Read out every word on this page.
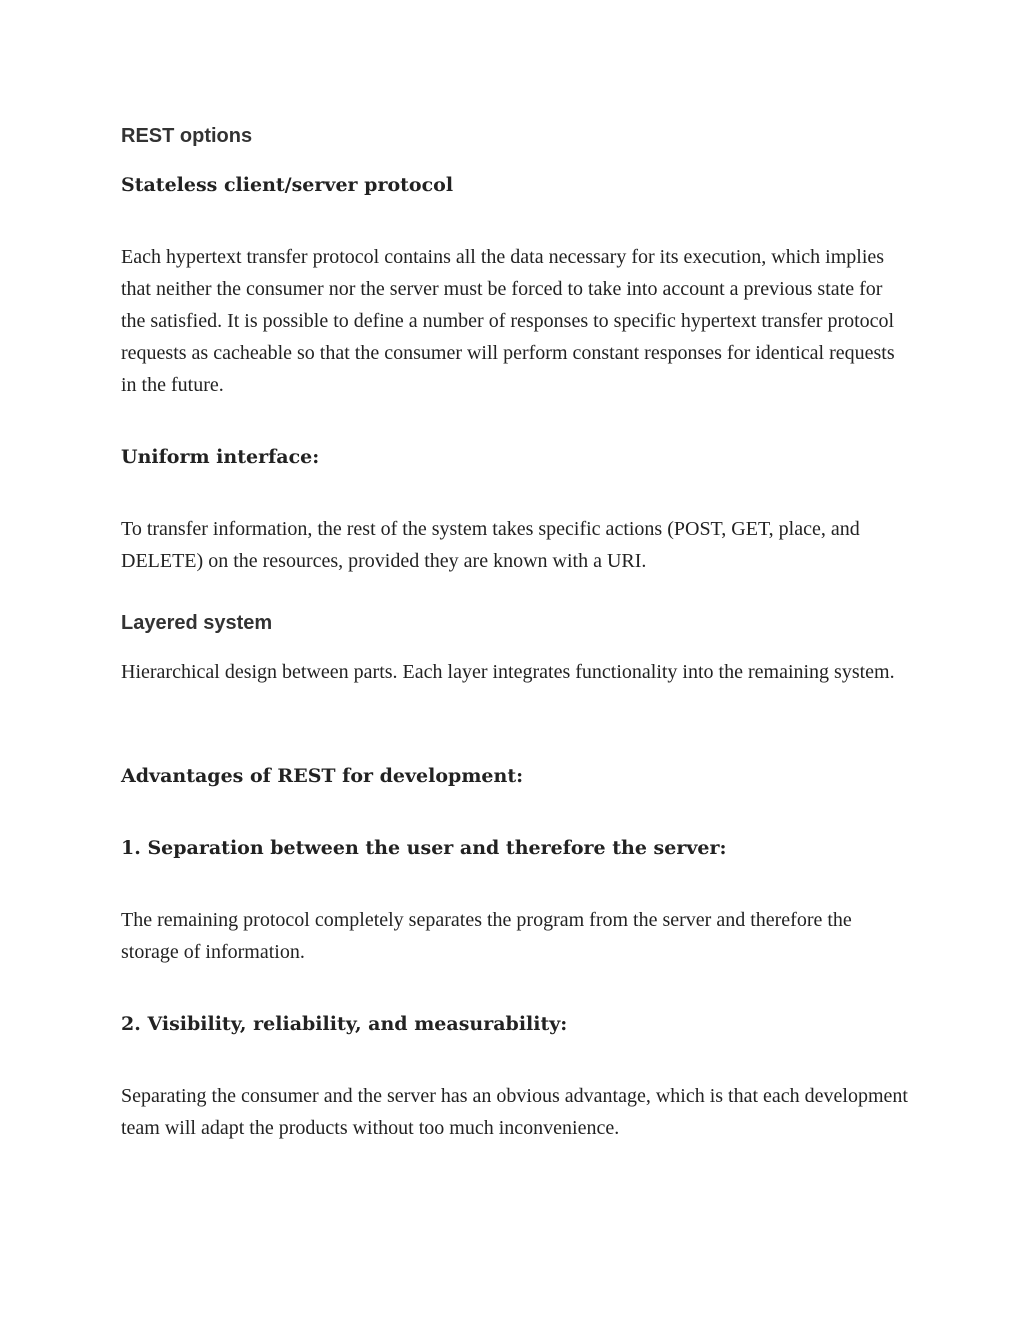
REST options
Stateless client/server protocol

Each hypertext transfer protocol contains all the data necessary for its execution, which implies that neither the consumer nor the server must be forced to take into account a previous state for the satisfied. It is possible to define a number of responses to specific hypertext transfer protocol requests as cacheable so that the consumer will perform constant responses for identical requests in the future.

Uniform interface:

To transfer information, the rest of the system takes specific actions (POST, GET, place, and DELETE) on the resources, provided they are known with a URI.

Layered system

Hierarchical design between parts. Each layer integrates functionality into the remaining system.

Advantages of REST for development:
1. Separation between the user and therefore the server:

The remaining protocol completely separates the program from the server and therefore the storage of information.

2. Visibility, reliability, and measurability:

Separating the consumer and the server has an obvious advantage, which is that each development team will adapt the products without too much inconvenience.
